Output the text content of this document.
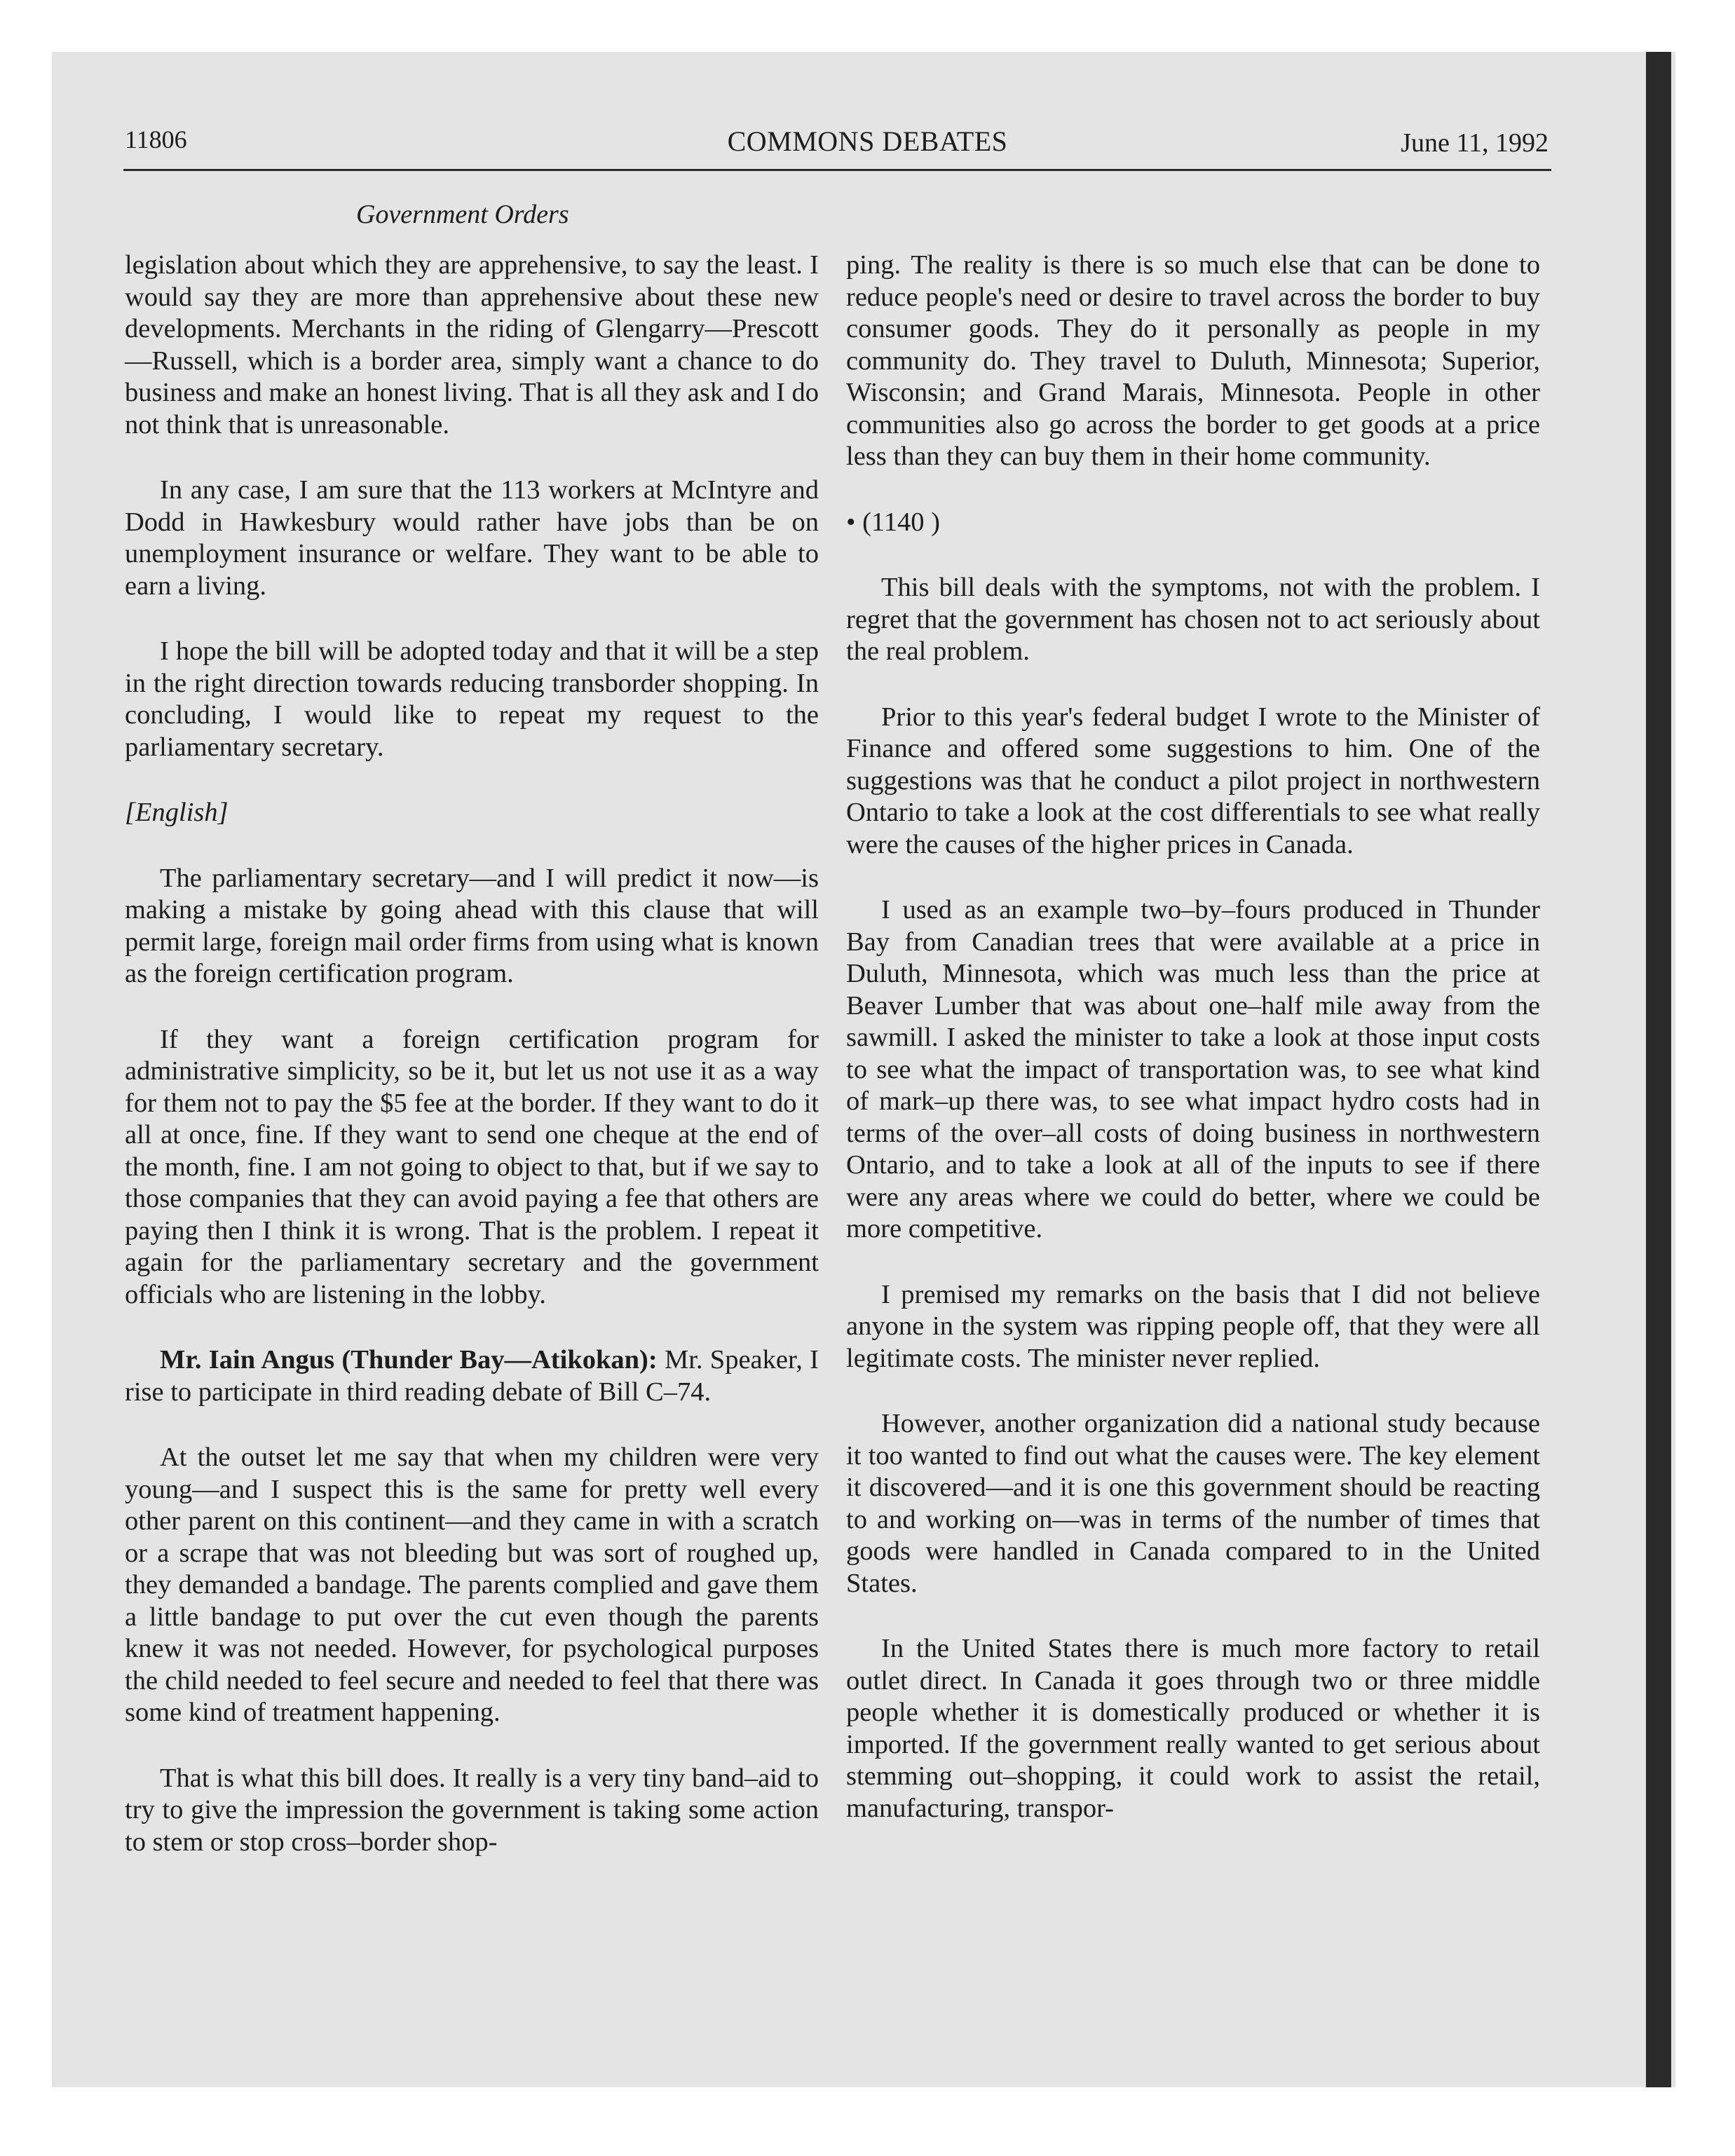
11806	COMMONS DEBATES	June 11, 1992
Government Orders

legislation about which they are apprehensive, to say the least. I would say they are more than apprehensive about these new developments. Merchants in the riding of Glengarry—Prescott—Russell, which is a border area, simply want a chance to do business and make an honest living. That is all they ask and I do not think that is unreasonable.

In any case, I am sure that the 113 workers at McIntyre and Dodd in Hawkesbury would rather have jobs than be on unemployment insurance or welfare. They want to be able to earn a living.

I hope the bill will be adopted today and that it will be a step in the right direction towards reducing transborder shopping. In concluding, I would like to repeat my request to the parliamentary secretary.

[English]

The parliamentary secretary—and I will predict it now—is making a mistake by going ahead with this clause that will permit large, foreign mail order firms from using what is known as the foreign certification program.

If they want a foreign certification program for administrative simplicity, so be it, but let us not use it as a way for them not to pay the $5 fee at the border. If they want to do it all at once, fine. If they want to send one cheque at the end of the month, fine. I am not going to object to that, but if we say to those companies that they can avoid paying a fee that others are paying then I think it is wrong. That is the problem. I repeat it again for the parliamentary secretary and the government officials who are listening in the lobby.

Mr. Iain Angus (Thunder Bay—Atikokan): Mr. Speaker, I rise to participate in third reading debate of Bill C–74.

At the outset let me say that when my children were very young—and I suspect this is the same for pretty well every other parent on this continent—and they came in with a scratch or a scrape that was not bleeding but was sort of roughed up, they demanded a bandage. The parents complied and gave them a little bandage to put over the cut even though the parents knew it was not needed. However, for psychological purposes the child needed to feel secure and needed to feel that there was some kind of treatment happening.

That is what this bill does. It really is a very tiny band–aid to try to give the impression the government is taking some action to stem or stop cross–border shop-

ping. The reality is there is so much else that can be done to reduce people's need or desire to travel across the border to buy consumer goods. They do it personally as people in my community do. They travel to Duluth, Minnesota; Superior, Wisconsin; and Grand Marais, Minnesota. People in other communities also go across the border to get goods at a price less than they can buy them in their home community.

• (1140 )

This bill deals with the symptoms, not with the problem. I regret that the government has chosen not to act seriously about the real problem.

Prior to this year's federal budget I wrote to the Minister of Finance and offered some suggestions to him. One of the suggestions was that he conduct a pilot project in northwestern Ontario to take a look at the cost differentials to see what really were the causes of the higher prices in Canada.

I used as an example two–by–fours produced in Thunder Bay from Canadian trees that were available at a price in Duluth, Minnesota, which was much less than the price at Beaver Lumber that was about one–half mile away from the sawmill. I asked the minister to take a look at those input costs to see what the impact of transportation was, to see what kind of mark–up there was, to see what impact hydro costs had in terms of the over–all costs of doing business in northwestern Ontario, and to take a look at all of the inputs to see if there were any areas where we could do better, where we could be more competitive.

I premised my remarks on the basis that I did not believe anyone in the system was ripping people off, that they were all legitimate costs. The minister never replied.

However, another organization did a national study because it too wanted to find out what the causes were. The key element it discovered—and it is one this government should be reacting to and working on—was in terms of the number of times that goods were handled in Canada compared to in the United States.

In the United States there is much more factory to retail outlet direct. In Canada it goes through two or three middle people whether it is domestically produced or whether it is imported. If the government really wanted to get serious about stemming out–shopping, it could work to assist the retail, manufacturing, transpor-
